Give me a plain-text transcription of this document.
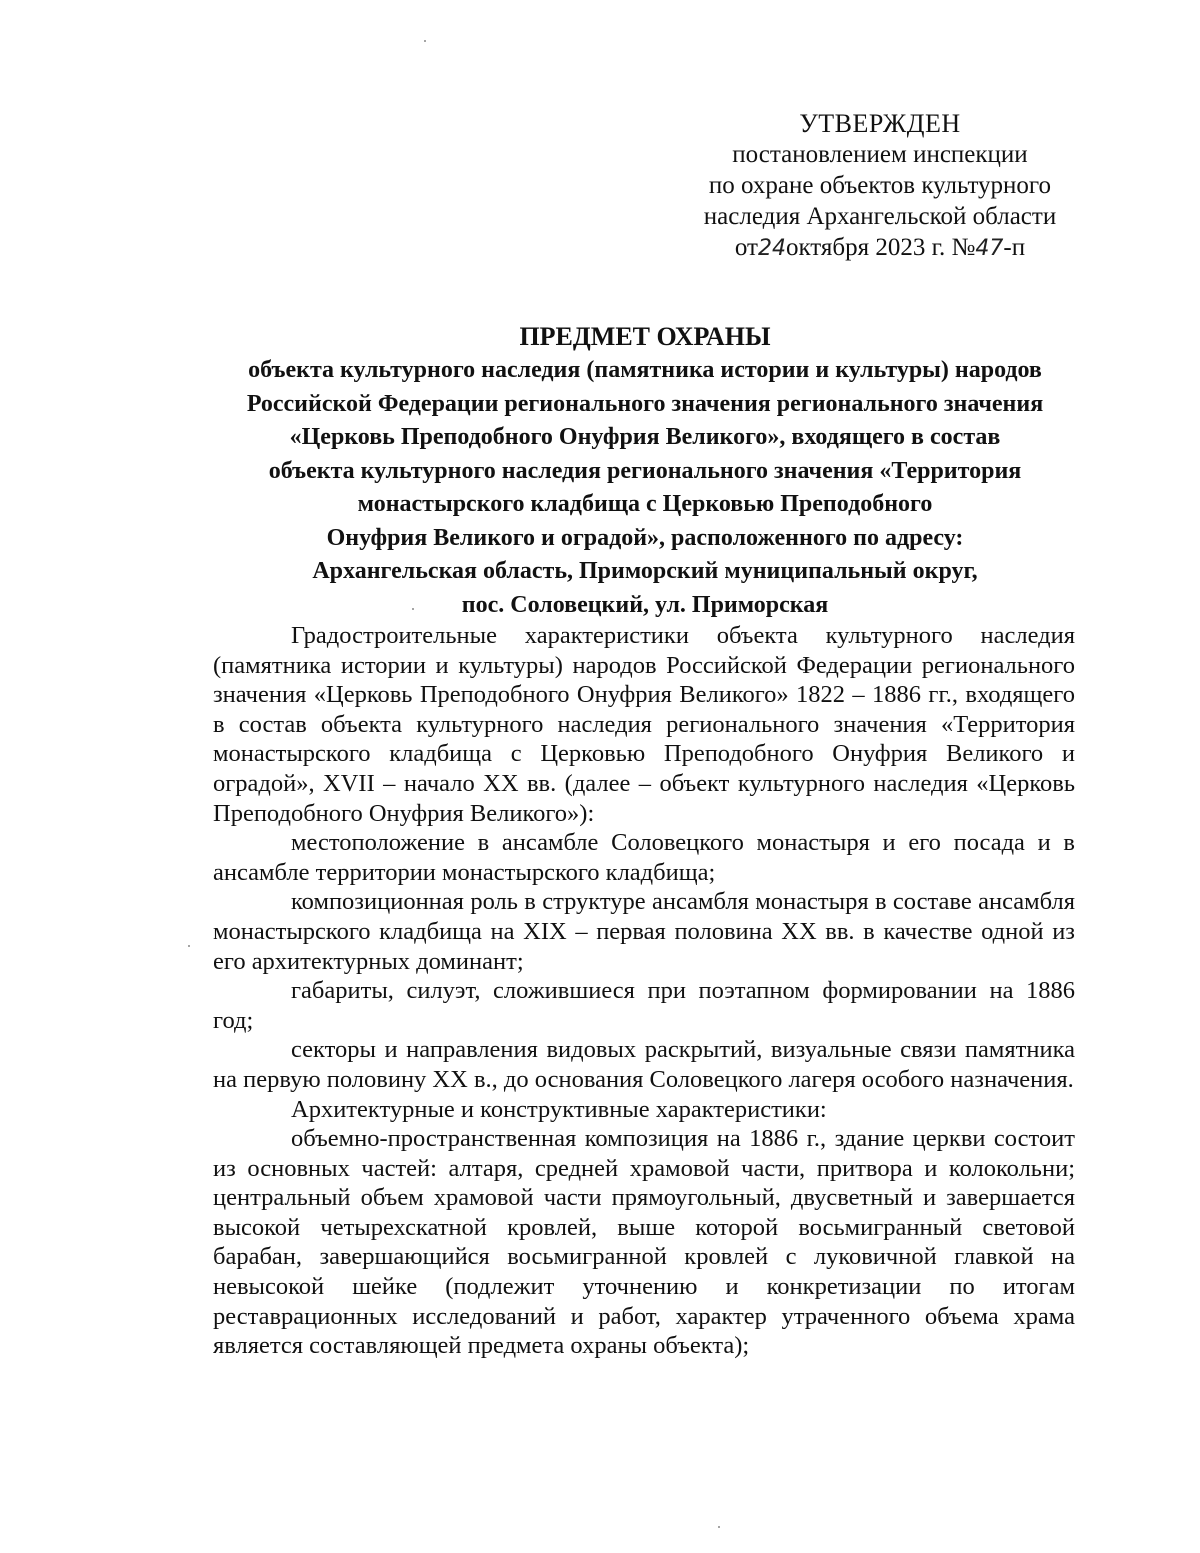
УТВЕРЖДЕН
постановлением инспекции
по охране объектов культурного
наследия Архангельской области
от24октября 2023 г. №47-п
ПРЕДМЕТ ОХРАНЫ
объекта культурного наследия (памятника истории и культуры) народов
Российской Федерации регионального значения регионального значения
«Церковь Преподобного Онуфрия Великого», входящего в состав
объекта культурного наследия регионального значения «Территория
монастырского кладбища с Церковью Преподобного
Онуфрия Великого и оградой», расположенного по адресу:
Архангельская область, Приморский муниципальный округ,
пос. Соловецкий, ул. Приморская

Градостроительные характеристики объекта культурного наследия (памятника истории и культуры) народов Российской Федерации регионального значения «Церковь Преподобного Онуфрия Великого» 1822 – 1886 гг., входящего в состав объекта культурного наследия регионального значения «Территория монастырского кладбища с Церковью Преподобного Онуфрия Великого и оградой», XVII – начало XX вв. (далее – объект культурного наследия «Церковь Преподобного Онуфрия Великого»):

местоположение в ансамбле Соловецкого монастыря и его посада и в ансамбле территории монастырского кладбища;

композиционная роль в структуре ансамбля монастыря в составе ансамбля монастырского кладбища на XIX – первая половина XX вв. в качестве одной из его архитектурных доминант;

габариты, силуэт, сложившиеся при поэтапном формировании на 1886 год;

секторы и направления видовых раскрытий, визуальные связи памятника на первую половину XX в., до основания Соловецкого лагеря особого назначения.

Архитектурные и конструктивные характеристики:

объемно-пространственная композиция на 1886 г., здание церкви состоит из основных частей: алтаря, средней храмовой части, притвора и колокольни; центральный объем храмовой части прямоугольный, двусветный и завершается высокой четырехскатной кровлей, выше которой восьмигранный световой барабан, завершающийся восьмигранной кровлей с луковичной главкой на невысокой шейке (подлежит уточнению и конкретизации по итогам реставрационных исследований и работ, характер утраченного объема храма является составляющей предмета охраны объекта);
